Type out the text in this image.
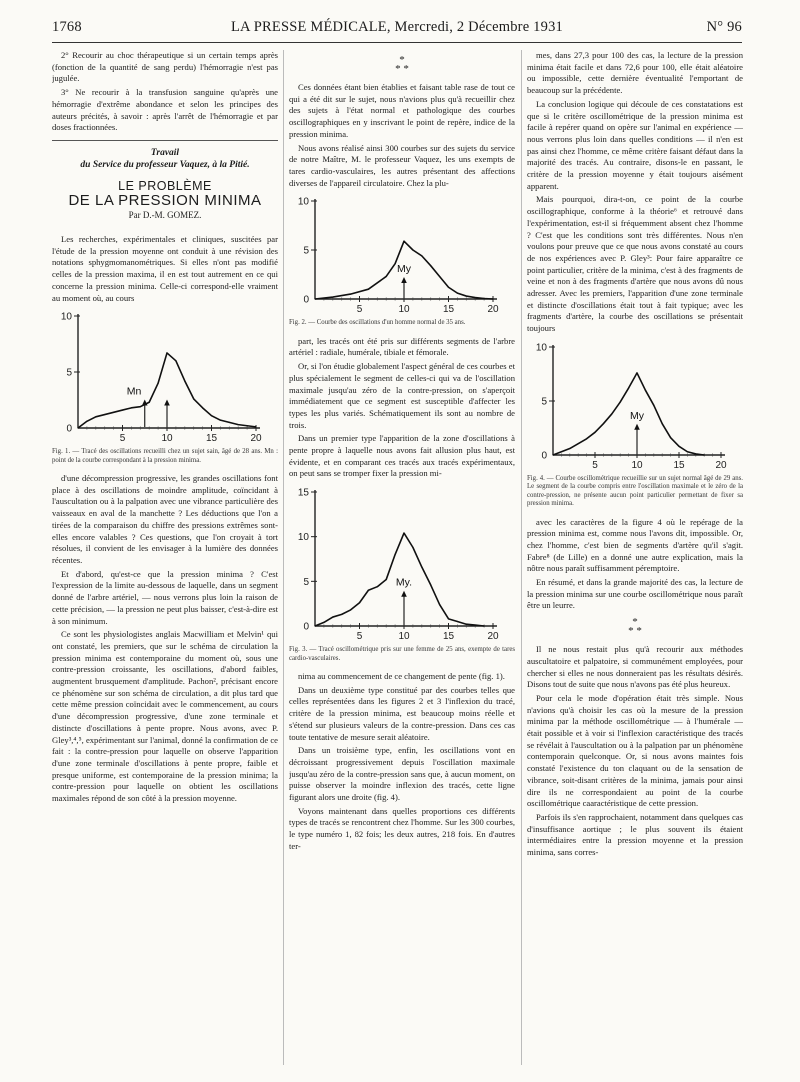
1768	LA PRESSE MÉDICALE, Mercredi, 2 Décembre 1931	N° 96

2° Recourir au choc thérapeutique si un certain temps après (fonction de la quantité de sang perdu) l'hémorragie n'est pas jugulée.

3° Ne recourir à la transfusion sanguine qu'après une hémorragie d'extrême abondance et selon les principes des auteurs précités, à savoir : après l'arrêt de l'hémorragie et par doses fractionnées.

Travail
du Service du professeur Vaquez, à la Pitié.
LE PROBLÈME
DE LA PRESSION MINIMA
Par D.-M. GOMEZ.

Les recherches, expérimentales et cliniques, suscitées par l'étude de la pression moyenne ont conduit à une révision des notations sphygmomanométriques. Si elles n'ont pas modifié celles de la pression maxima, il en est tout autrement en ce qui concerne la pression minima. Celle-ci correspond-elle vraiment au moment où, au cours

0
5
10
5	10	15	20
Mn
Fig. 1. — Tracé des oscillations recueilli chez un sujet sain, âgé de 28 ans. Mn : point de la courbe correspondant à la pression minima.

d'une décompression progressive, les grandes oscillations font place à des oscillations de moindre amplitude, coïncidant à l'auscultation ou à la palpation avec une vibrance particulière des vaisseaux en aval de la manchette ? Les déductions que l'on a tirées de la comparaison du chiffre des pressions extrêmes sont-elles encore valables ? Ces questions, que l'on croyait à tort résolues, il convient de les envisager à la lumière des données récentes.

Et d'abord, qu'est-ce que la pression minima ? C'est l'expression de la limite au-dessous de laquelle, dans un segment donné de l'arbre artériel, — nous verrons plus loin la raison de cette précision, — la pression ne peut plus baisser, c'est-à-dire est à son minimum.

Ce sont les physiologistes anglais Macwilliam et Melvin¹ qui ont constaté, les premiers, que sur le schéma de circulation la pression minima est contemporaine du moment où, sous une contre-pression croissante, les oscillations, d'abord faibles, augmentent brusquement d'amplitude. Pachon², précisant encore ce phénomène sur son schéma de circulation, a dit plus tard que cette même pression coïncidait avec le commencement, au cours d'une décompression progressive, d'une zone terminale et distincte d'oscillations à pente propre. Nous avons, avec P. Gley³,⁴,⁵, expérimentant sur l'animal, donné la confirmation de ce fait : la contre-pression pour laquelle on observe l'apparition d'une zone terminale d'oscillations à pente propre, faible et presque uniforme, est contemporaine de la pression minima; la contre-pression pour laquelle on obtient les oscillations maximales répond de son côté à la pression moyenne.

*
* *

Ces données étant bien établies et faisant table rase de tout ce qui a été dit sur le sujet, nous n'avions plus qu'à recueillir chez des sujets à l'état normal et pathologique des courbes oscillographiques en y inscrivant le point de repère, indice de la pression minima.

Nous avons réalisé ainsi 300 courbes sur des sujets du service de notre Maître, M. le professeur Vaquez, les uns exempts de tares cardio-vasculaires, les autres présentant des affections diverses de l'appareil circulatoire. Chez la plu-

0
5
10
5	10	15	20
My
Fig. 2. — Courbe des oscillations d'un homme normal de 35 ans.

part, les tracés ont été pris sur différents segments de l'arbre artériel : radiale, humérale, tibiale et fémorale.

Or, si l'on étudie globalement l'aspect général de ces courbes et plus spécialement le segment de celles-ci qui va de l'oscillation maximale jusqu'au zéro de la contre-pression, on s'aperçoit immédiatement que ce segment est susceptible d'affecter les types les plus variés. Schématiquement ils sont au nombre de trois.

Dans un premier type l'apparition de la zone d'oscillations à pente propre à laquelle nous avons fait allusion plus haut, est évidente, et en comparant ces tracés aux tracés expérimentaux, on peut sans se tromper fixer la pression mi-

0
5
10
15
5	10	15	20
My.
Fig. 3. — Tracé oscillométrique pris sur une femme de 25 ans, exempte de tares cardio-vasculaires.

nima au commencement de ce changement de pente (fig. 1).

Dans un deuxième type constitué par des courbes telles que celles représentées dans les figures 2 et 3 l'inflexion du tracé, critère de la pression minima, est beaucoup moins réelle et s'étend sur plusieurs valeurs de la contre-pression. Dans ces cas toute tentative de mesure serait aléatoire.

Dans un troisième type, enfin, les oscillations vont en décroissant progressivement depuis l'oscillation maximale jusqu'au zéro de la contre-pression sans que, à aucun moment, on puisse observer la moindre inflexion des tracés, cette ligne figurant alors une droite (fig. 4).

Voyons maintenant dans quelles proportions ces différents types de tracés se rencontrent chez l'homme. Sur les 300 courbes, le type numéro 1, 82 fois; les deux autres, 218 fois. En d'autres ter-

mes, dans 27,3 pour 100 des cas, la lecture de la pression minima était facile et dans 72,6 pour 100, elle était aléatoire ou impossible, cette dernière éventualité l'emportant de beaucoup sur la précédente.

La conclusion logique qui découle de ces constatations est que si le critère oscillométrique de la pression minima est facile à repérer quand on opère sur l'animal en expérience — nous verrons plus loin dans quelles conditions — il n'en est pas ainsi chez l'homme, ce même critère faisant défaut dans la majorité des tracés. Au contraire, disons-le en passant, le critère de la pression moyenne y était toujours aisément apparent.

Mais pourquoi, dira-t-on, ce point de la courbe oscillographique, conforme à la théorie⁶ et retrouvé dans l'expérimentation, est-il si fréquemment absent chez l'homme ? C'est que les conditions sont très différentes. Nous n'en voulons pour preuve que ce que nous avons constaté au cours de nos expériences avec P. Gley³: Pour faire apparaître ce point particulier, critère de la minima, c'est à des fragments de veine et non à des fragments d'artère que nous avons dû nous adresser. Avec les premiers, l'apparition d'une zone terminale et distincte d'oscillations était tout à fait typique; avec les fragments d'artère, la courbe des oscillations se présentait toujours

0
5
10
5	10	15	20
My
Fig. 4. — Courbe oscillométrique recueillie sur un sujet normal âgé de 29 ans. Le segment de la courbe compris entre l'oscillation maximale et le zéro de la contre-pression, ne présente aucun point particulier permettant de fixer sa pression minima.

avec les caractères de la figure 4 où le repérage de la pression minima est, comme nous l'avons dit, impossible. Or, chez l'homme, c'est bien de segments d'artère qu'il s'agit. Fabre⁸ (de Lille) en a donné une autre explication, mais la nôtre nous paraît suffisamment péremptoire.

En résumé, et dans la grande majorité des cas, la lecture de la pression minima sur une courbe oscillométrique nous paraît être un leurre.

*
* *

Il ne nous restait plus qu'à recourir aux méthodes auscultatoire et palpatoire, si communément employées, pour chercher si elles ne nous donneraient pas les résultats désirés. Disons tout de suite que nous n'avons pas été plus heureux.

Pour cela le mode d'opération était très simple. Nous n'avions qu'à choisir les cas où la mesure de la pression minima par la méthode oscillométrique — à l'humérale — était possible et à voir si l'inflexion caractéristique des tracés se révélait à l'auscultation ou à la palpation par un phénomène contemporain quelconque. Or, si nous avons maintes fois constaté l'existence du ton claquant ou de la sensation de vibrance, soit-disant critères de la minima, jamais pour ainsi dire ils ne correspondaient au point de la courbe oscillométrique caaractéristique de cette pression.

Parfois ils s'en rapprochaient, notamment dans quelques cas d'insuffisance aortique ; le plus souvent ils étaient intermédiaires entre la pression moyenne et la pression minima, sans corres-
